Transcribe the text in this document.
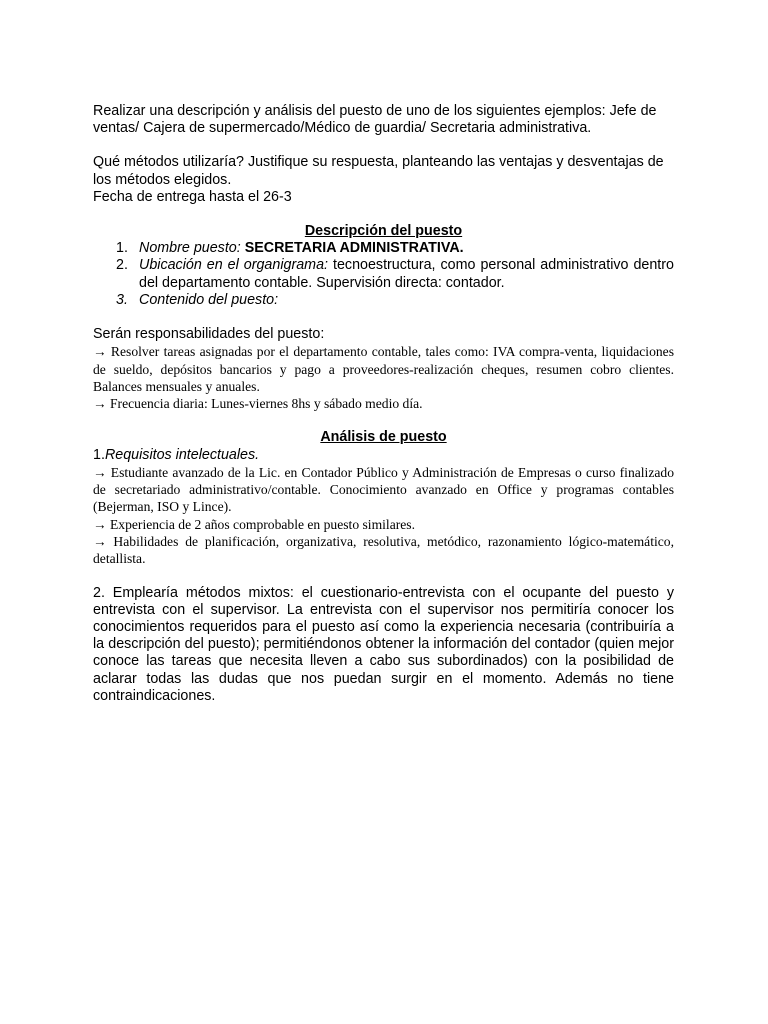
Realizar una descripción y análisis del puesto de uno de los siguientes ejemplos: Jefe de ventas/ Cajera de supermercado/Médico de guardia/ Secretaria administrativa.

Qué métodos utilizaría? Justifique su respuesta, planteando las ventajas y desventajas de los métodos elegidos.

Fecha de entrega hasta el 26-3

Descripción del puesto

1. Nombre puesto: SECRETARIA ADMINISTRATIVA.
2. Ubicación en el organigrama: tecnoestructura, como personal administrativo dentro del departamento contable. Supervisión directa: contador.
3. Contenido del puesto:

Serán responsabilidades del puesto:

→ Resolver tareas asignadas por el departamento contable, tales como: IVA compra-venta, liquidaciones de sueldo, depósitos bancarios y pago a proveedores-realización cheques, resumen cobro clientes. Balances mensuales y anuales.

→ Frecuencia diaria: Lunes-viernes 8hs y sábado medio día.

Análisis de puesto

1.Requisitos intelectuales.

→ Estudiante avanzado de la Lic. en Contador Público y Administración de Empresas o curso finalizado de secretariado administrativo/contable. Conocimiento avanzado en Office y programas contables (Bejerman, ISO y Lince).

→ Experiencia de 2 años comprobable en puesto similares.

→ Habilidades de planificación, organizativa, resolutiva, metódico, razonamiento lógico-matemático, detallista.

2. Emplearía métodos mixtos: el cuestionario-entrevista con el ocupante del puesto y entrevista con el supervisor. La entrevista con el supervisor nos permitiría conocer los conocimientos requeridos para el puesto así como la experiencia necesaria (contribuiría a la descripción del puesto); permitiéndonos obtener la información del contador (quien mejor conoce las tareas que necesita lleven a cabo sus subordinados) con la posibilidad de aclarar todas las dudas que nos puedan surgir en el momento. Además no tiene contraindicaciones.
